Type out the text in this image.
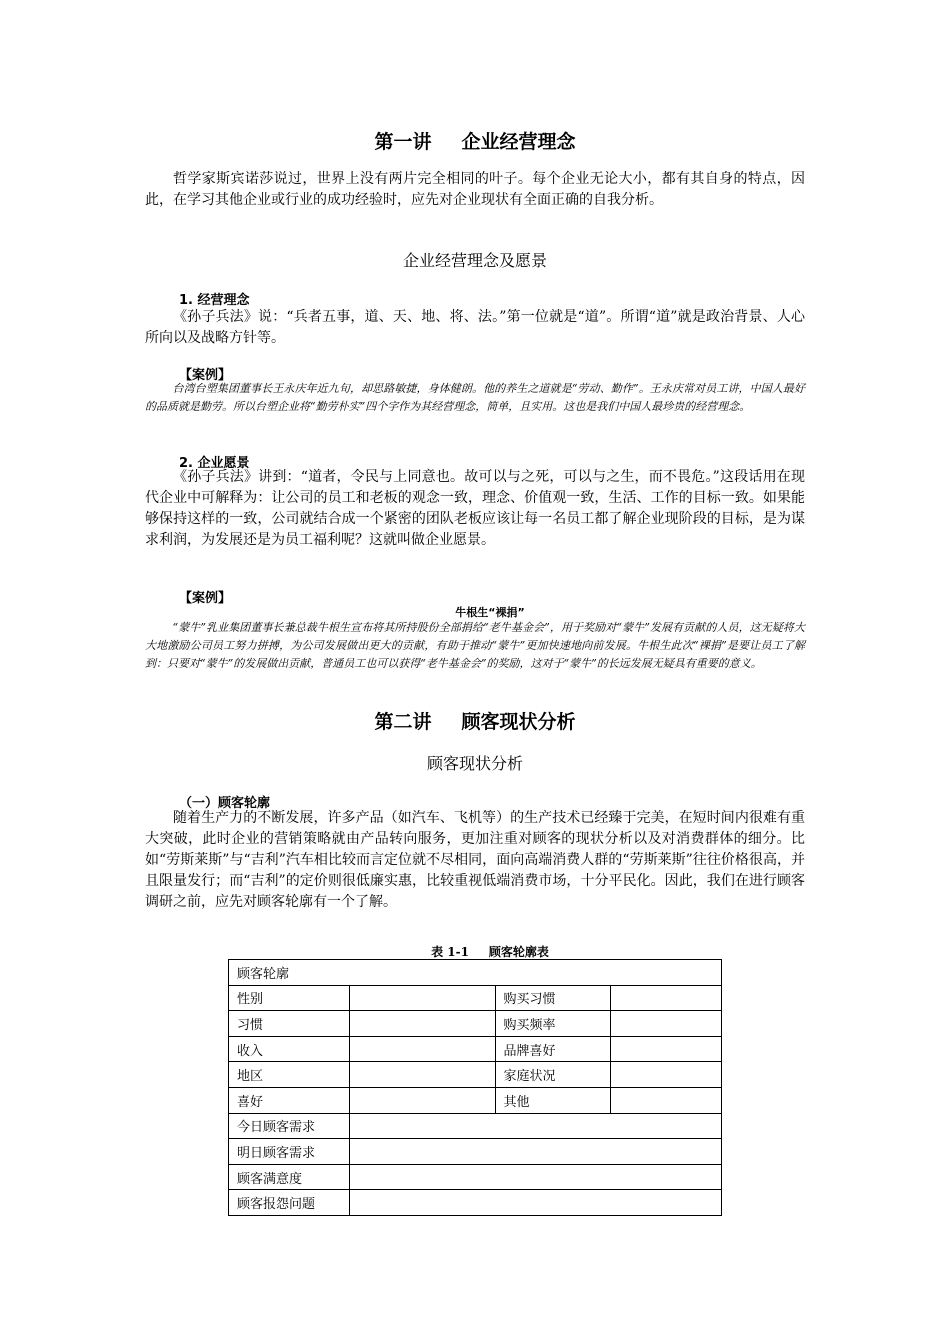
第一讲 企业经营理念

哲学家斯宾诺莎说过，世界上没有两片完全相同的叶子。每个企业无论大小，都有其自身的特点，因此，在学习其他企业或行业的成功经验时，应先对企业现状有全面正确的自我分析。

企业经营理念及愿景
1. 经营理念

《孙子兵法》说：“兵者五事，道、天、地、将、法。”第一位就是“道”。所谓“道”就是政治背景、人心所向以及战略方针等。

【案例】

台湾台塑集团董事长王永庆年近九旬，却思路敏捷，身体健朗。他的养生之道就是“劳动、勤作”。王永庆常对员工讲，中国人最好的品质就是勤劳。所以台塑企业将“勤劳朴实”四个字作为其经营理念，简单，且实用。这也是我们中国人最珍贵的经营理念。

2. 企业愿景

《孙子兵法》讲到：“道者，令民与上同意也。故可以与之死，可以与之生，而不畏危。”这段话用在现代企业中可解释为：让公司的员工和老板的观念一致，理念、价值观一致，生活、工作的目标一致。如果能够保持这样的一致，公司就结合成一个紧密的团队老板应该让每一名员工都了解企业现阶段的目标，是为谋求利润，为发展还是为员工福利呢？这就叫做企业愿景。

【案例】
牛根生“裸捐”

“蒙牛”乳业集团董事长兼总裁牛根生宣布将其所持股份全部捐给“老牛基金会”，用于奖励对“蒙牛”发展有贡献的人员，这无疑将大大地激励公司员工努力拼搏，为公司发展做出更大的贡献，有助于推动“蒙牛”更加快速地向前发展。牛根生此次“裸捐”是要让员工了解到：只要对“蒙牛”的发展做出贡献，普通员工也可以获得“老牛基金会”的奖励，这对于“蒙牛”的长远发展无疑具有重要的意义。

第二讲 顾客现状分析
顾客现状分析
（一）顾客轮廓

随着生产力的不断发展，许多产品（如汽车、飞机等）的生产技术已经臻于完美，在短时间内很难有重大突破，此时企业的营销策略就由产品转向服务，更加注重对顾客的现状分析以及对消费群体的细分。比如“劳斯莱斯”与“吉利”汽车相比较而言定位就不尽相同，面向高端消费人群的“劳斯莱斯”往往价格很高，并且限量发行；而“吉利”的定价则很低廉实惠，比较重视低端消费市场，十分平民化。因此，我们在进行顾客调研之前，应先对顾客轮廓有一个了解。

表 1-1 顾客轮廓表
顾客轮廓			
性别		购买习惯	
习惯		购买频率	
收入		品牌喜好	
地区		家庭状况	
喜好		其他	
今日顾客需求			
明日顾客需求			
顾客满意度			
顾客报怨问题			
